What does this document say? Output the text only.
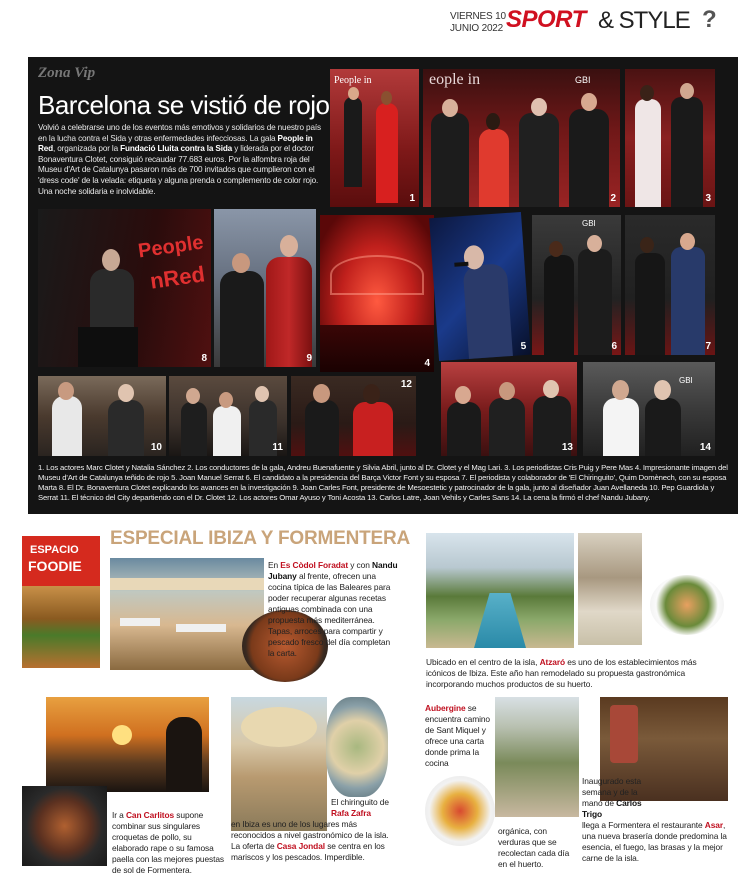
VIERNES 10
JUNIO 2022 SPORT & STYLE ?
Zona Vip
Barcelona se vistió de rojo

Volvió a celebrarse uno de los eventos más emotivos y solidarios de nuestro país en la lucha contra el Sida y otras enfermedades infecciosas. La gala People in Red, organizada por la Fundació Lluita contra la Sida y liderada por el doctor Bonaventura Clotet, consiguió recaudar 77.683 euros. Por la alfombra roja del Museu d'Art de Catalunya pasaron más de 700 invitados que cumplieron con el 'dress code' de la velada: etiqueta y alguna prenda o complemento de color rojo. Una noche solidaria e inolvidable.

People in
1
eople in	GBI
2	3
People
nRed
8	9	4
5
GBI
6	7
10	11
12
13
GBI
14

1. Los actores Marc Clotet y Natalia Sánchez 2. Los conductores de la gala, Andreu Buenafuente y Silvia Abril, junto al Dr. Clotet y el Mag Lari. 3. Los periodistas Cris Puig y Pere Mas 4. Impresionante imagen del Museu d'Art de Catalunya teñido de rojo 5. Joan Manuel Serrat 6. El candidato a la presidencia del Barça Victor Font y su esposa 7. El periodista y colaborador de 'El Chiringuito', Quim Domènech, con su esposa Marta 8. El Dr. Bonaventura Clotet explicando los avances en la investigación 9. Joan Carles Font, presidente de Mesoestetic y patrocinador de la gala, junto al diseñador Juan Avellaneda 10. Pep Guardiola y Serrat 11. El técnico del City departiendo con el Dr. Clotet 12. Los actores Omar Ayuso y Toni Acosta 13. Carlos Latre, Joan Vehils y Carles Sans 14. La cena la firmó el chef Nandu Jubany.

ESPACIO
FOODIE
ESPECIAL IBIZA Y FORMENTERA

En Es Còdol Foradat y con Nandu Jubany al frente, ofrecen una cocina típica de las Baleares para poder recuperar algunas recetas antiguas combinada con una propuesta más mediterránea. Tapas, arroces para compartir y pescado fresco del día completan la carta.

Ubicado en el centro de la isla, Atzaró es uno de los establecimientos más icónicos de Ibiza. Este año han remodelado su propuesta gastronómica incorporando muchos productos de su huerto.

Ir a Can Carlitos supone combinar sus singulares croquetas de pollo, su elaborado rape o su famosa paella con las mejores puestas de sol de Formentera.

El chiringuito de Rafa Zafra
en Ibiza es uno de los lugares más reconocidos a nivel gastronómico de la isla. La oferta de Casa Jondal se centra en los mariscos y los pescados. Imperdible.

Aubergine se encuentra camino de Sant Miquel y ofrece una carta donde prima la cocina

orgánica, con verduras que se recolectan cada día en el huerto.

Inaugurado esta semana y de la mano de Carlos Trigo
llega a Formentera el restaurante Asar, una nueva brasería donde predomina la esencia, el fuego, las brasas y la mejor carne de la isla.
